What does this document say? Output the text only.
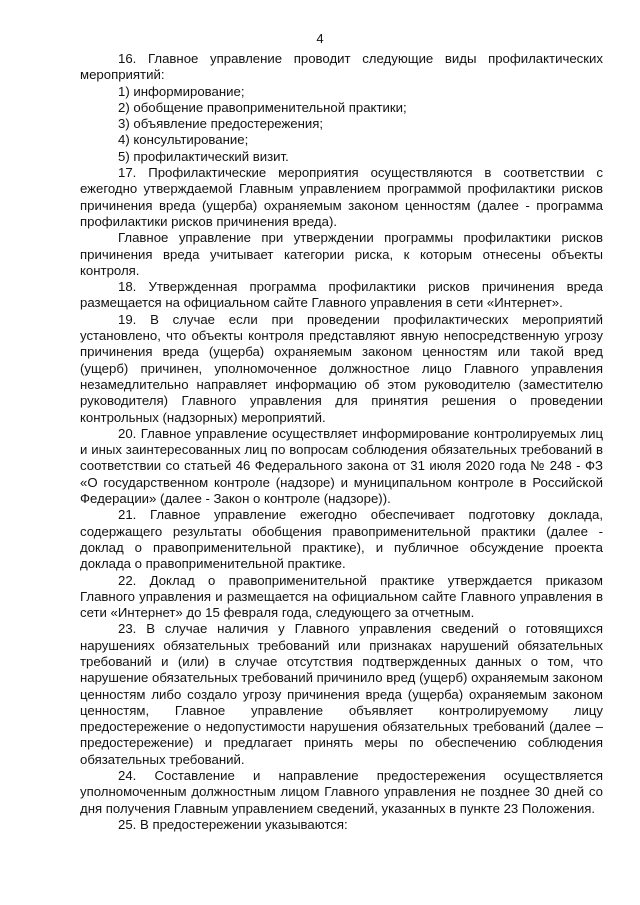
4

16. Главное управление проводит следующие виды профилактических мероприятий:

1) информирование;

2) обобщение правоприменительной практики;

3) объявление предостережения;

4) консультирование;

5) профилактический визит.

17. Профилактические мероприятия осуществляются в соответствии с ежегодно утверждаемой Главным управлением программой профилактики рисков причинения вреда (ущерба) охраняемым законом ценностям (далее - программа профилактики рисков причинения вреда).

Главное управление при утверждении программы профилактики рисков причинения вреда учитывает категории риска, к которым отнесены объекты контроля.

18. Утвержденная программа профилактики рисков причинения вреда размещается на официальном сайте Главного управления в сети «Интернет».

19. В случае если при проведении профилактических мероприятий установлено, что объекты контроля представляют явную непосредственную угрозу причинения вреда (ущерба) охраняемым законом ценностям или такой вред (ущерб) причинен, уполномоченное должностное лицо Главного управления незамедлительно направляет информацию об этом руководителю (заместителю руководителя) Главного управления для принятия решения о проведении контрольных (надзорных) мероприятий.

20. Главное управление осуществляет информирование контролируемых лиц и иных заинтересованных лиц по вопросам соблюдения обязательных требований в соответствии со статьей 46 Федерального закона от 31 июля 2020 года № 248 - ФЗ «О государственном контроле (надзоре) и муниципальном контроле в Российской Федерации» (далее - Закон о контроле (надзоре)).

21. Главное управление ежегодно обеспечивает подготовку доклада, содержащего результаты обобщения правоприменительной практики (далее - доклад о правоприменительной практике), и публичное обсуждение проекта доклада о правоприменительной практике.

22. Доклад о правоприменительной практике утверждается приказом Главного управления и размещается на официальном сайте Главного управления в сети «Интернет» до 15 февраля года, следующего за отчетным.

23. В случае наличия у Главного управления сведений о готовящихся нарушениях обязательных требований или признаках нарушений обязательных требований и (или) в случае отсутствия подтвержденных данных о том, что нарушение обязательных требований причинило вред (ущерб) охраняемым законом ценностям либо создало угрозу причинения вреда (ущерба) охраняемым законом ценностям, Главное управление объявляет контролируемому лицу предостережение о недопустимости нарушения обязательных требований (далее – предостережение) и предлагает принять меры по обеспечению соблюдения обязательных требований.

24. Составление и направление предостережения осуществляется уполномоченным должностным лицом Главного управления не позднее 30 дней со дня получения Главным управлением сведений, указанных в пункте 23 Положения.

25. В предостережении указываются:
